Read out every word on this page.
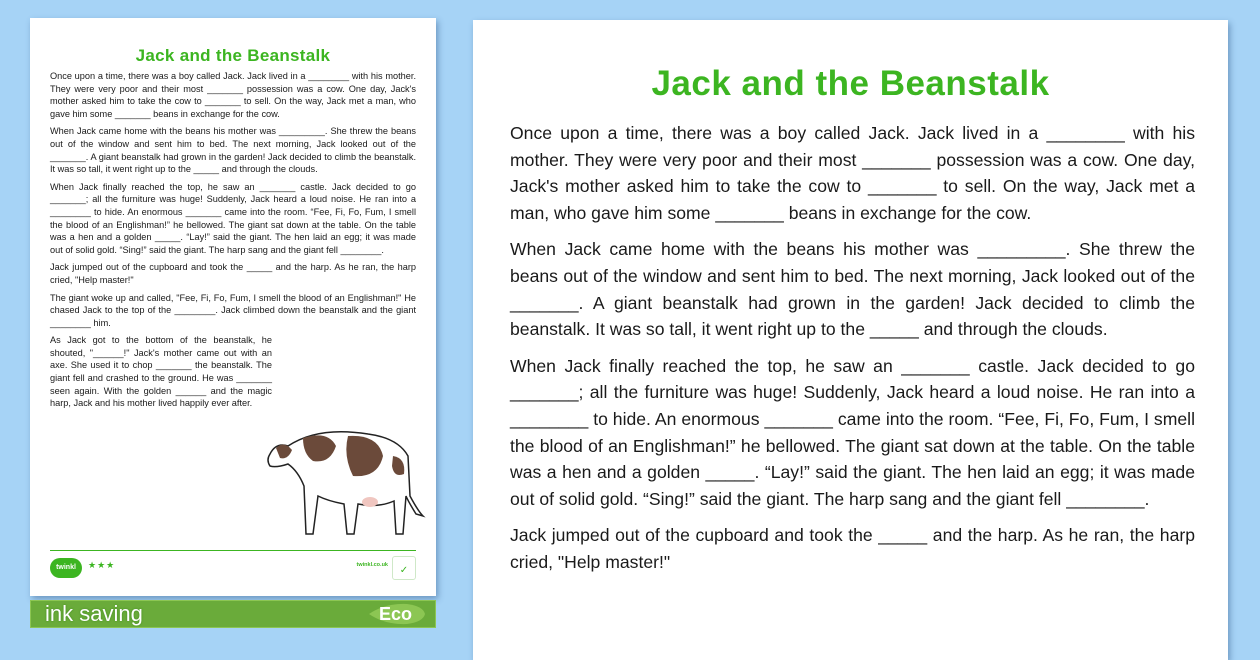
Jack and the Beanstalk

Once upon a time, there was a boy called Jack. Jack lived in a ________ with his mother. They were very poor and their most _______ possession was a cow. One day, Jack's mother asked him to take the cow to _______ to sell. On the way, Jack met a man, who gave him some _______ beans in exchange for the cow.

When Jack came home with the beans his mother was _________. She threw the beans out of the window and sent him to bed. The next morning, Jack looked out of the _______. A giant beanstalk had grown in the garden! Jack decided to climb the beanstalk. It was so tall, it went right up to the _____ and through the clouds.

When Jack finally reached the top, he saw an _______ castle. Jack decided to go _______; all the furniture was huge! Suddenly, Jack heard a loud noise. He ran into a ________ to hide. An enormous _______ came into the room. “Fee, Fi, Fo, Fum, I smell the blood of an Englishman!” he bellowed. The giant sat down at the table. On the table was a hen and a golden _____. “Lay!” said the giant. The hen laid an egg; it was made out of solid gold. “Sing!” said the giant. The harp sang and the giant fell ________.

Jack jumped out of the cupboard and took the _____ and the harp. As he ran, the harp cried, "Help master!"

The giant woke up and called, "Fee, Fi, Fo, Fum, I smell the blood of an Englishman!" He chased Jack to the top of the ________. Jack climbed down the beanstalk and the giant ________ him.

As Jack got to the bottom of the beanstalk, he shouted, "______!" Jack's mother came out with an axe. She used it to chop _______ the beanstalk. The giant fell and crashed to the ground. He was _______ seen again. With the golden ______ and the magic harp, Jack and his mother lived happily ever after.

twinkl	★★★	twinkl.co.uk	✓
Jack and the Beanstalk

Once upon a time, there was a boy called Jack. Jack lived in a ________ with his mother. They were very poor and their most _______ possession was a cow. One day, Jack's mother asked him to take the cow to _______ to sell. On the way, Jack met a man, who gave him some _______ beans in exchange for the cow.

When Jack came home with the beans his mother was _________. She threw the beans out of the window and sent him to bed. The next morning, Jack looked out of the _______. A giant beanstalk had grown in the garden! Jack decided to climb the beanstalk. It was so tall, it went right up to the _____ and through the clouds.

When Jack finally reached the top, he saw an _______ castle. Jack decided to go _______; all the furniture was huge! Suddenly, Jack heard a loud noise. He ran into a ________ to hide. An enormous _______ came into the room. “Fee, Fi, Fo, Fum, I smell the blood of an Englishman!” he bellowed. The giant sat down at the table. On the table was a hen and a golden _____. “Lay!” said the giant. The hen laid an egg; it was made out of solid gold. “Sing!” said the giant. The harp sang and the giant fell ________.

Jack jumped out of the cupboard and took the _____ and the harp. As he ran, the harp cried, "Help master!"

ink saving	Eco
